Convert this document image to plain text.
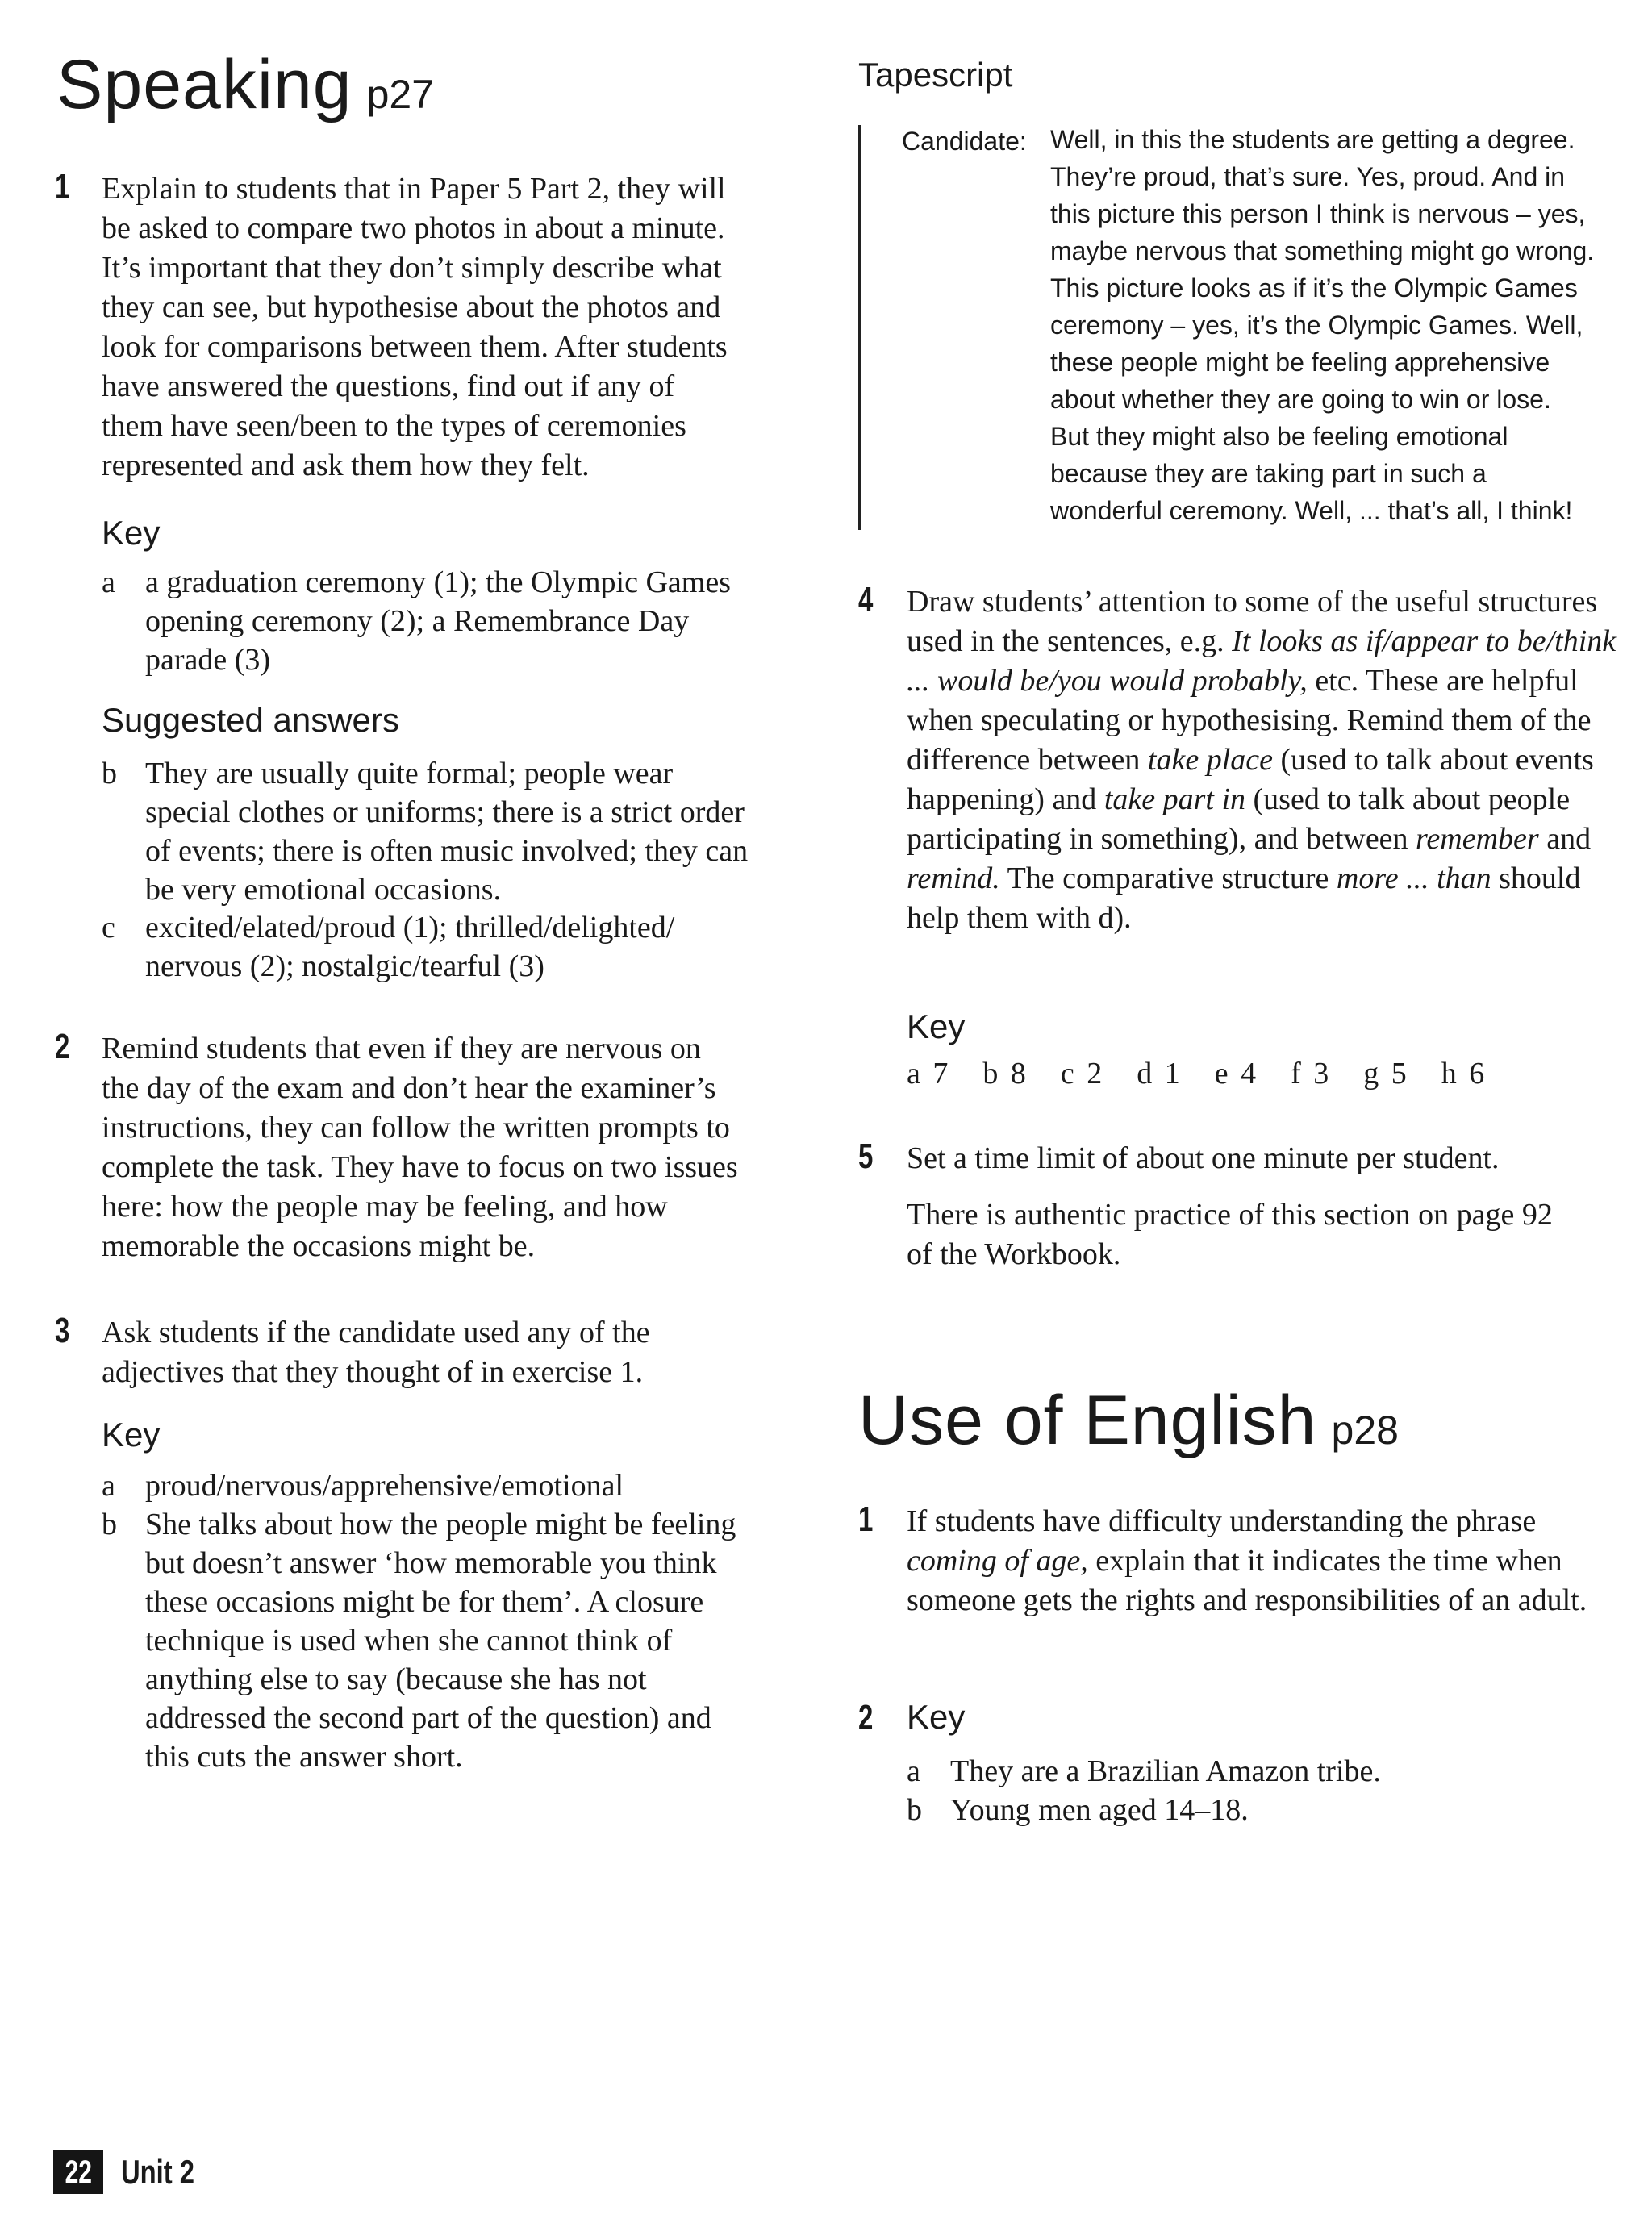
Speaking p27
1 Explain to students that in Paper 5 Part 2, they will
be asked to compare two photos in about a minute.
It’s important that they don’t simply describe what
they can see, but hypothesise about the photos and
look for comparisons between them. After students
have answered the questions, find out if any of
them have seen/been to the types of ceremonies
represented and ask them how they felt.
Key
a a graduation ceremony (1); the Olympic Games
opening ceremony (2); a Remembrance Day
parade (3)
Suggested answers
b They are usually quite formal; people wear
special clothes or uniforms; there is a strict order
of events; there is often music involved; they can
be very emotional occasions.
c excited/elated/proud (1); thrilled/delighted/
nervous (2); nostalgic/tearful (3)
2 Remind students that even if they are nervous on
the day of the exam and don’t hear the examiner’s
instructions, they can follow the written prompts to
complete the task. They have to focus on two issues
here: how the people may be feeling, and how
memorable the occasions might be.
3 Ask students if the candidate used any of the
adjectives that they thought of in exercise 1.
Key
a proud/nervous/apprehensive/emotional
b She talks about how the people might be feeling
but doesn’t answer ‘how memorable you think
these occasions might be for them’. A closure
technique is used when she cannot think of
anything else to say (because she has not
addressed the second part of the question) and
this cuts the answer short.
Tapescript
Candidate: Well, in this the students are getting a degree.
They’re proud, that’s sure. Yes, proud. And in
this picture this person I think is nervous – yes,
maybe nervous that something might go wrong.
This picture looks as if it’s the Olympic Games
ceremony – yes, it’s the Olympic Games. Well,
these people might be feeling apprehensive
about whether they are going to win or lose.
But they might also be feeling emotional
because they are taking part in such a
wonderful ceremony. Well, ... that’s all, I think!
4 Draw students’ attention to some of the useful structures used in the sentences, e.g. It looks as if/appear to be/think ... would be/you would probably, etc. These are helpful when speculating or hypothesising. Remind them of the difference between take place (used to talk about events happening) and take part in (used to talk about people participating in something), and between remember and remind. The comparative structure more ... than should help them with d).
Key
a 7 b 8 c 2 d 1 e 4 f 3 g 5 h 6
5 Set a time limit of about one minute per student.
There is authentic practice of this section on page 92 of the Workbook.
Use of English p28
1 If students have difficulty understanding the phrase coming of age, explain that it indicates the time when someone gets the rights and responsibilities of an adult.
2 Key
a They are a Brazilian Amazon tribe.
b Young men aged 14–18.
22 Unit 2
